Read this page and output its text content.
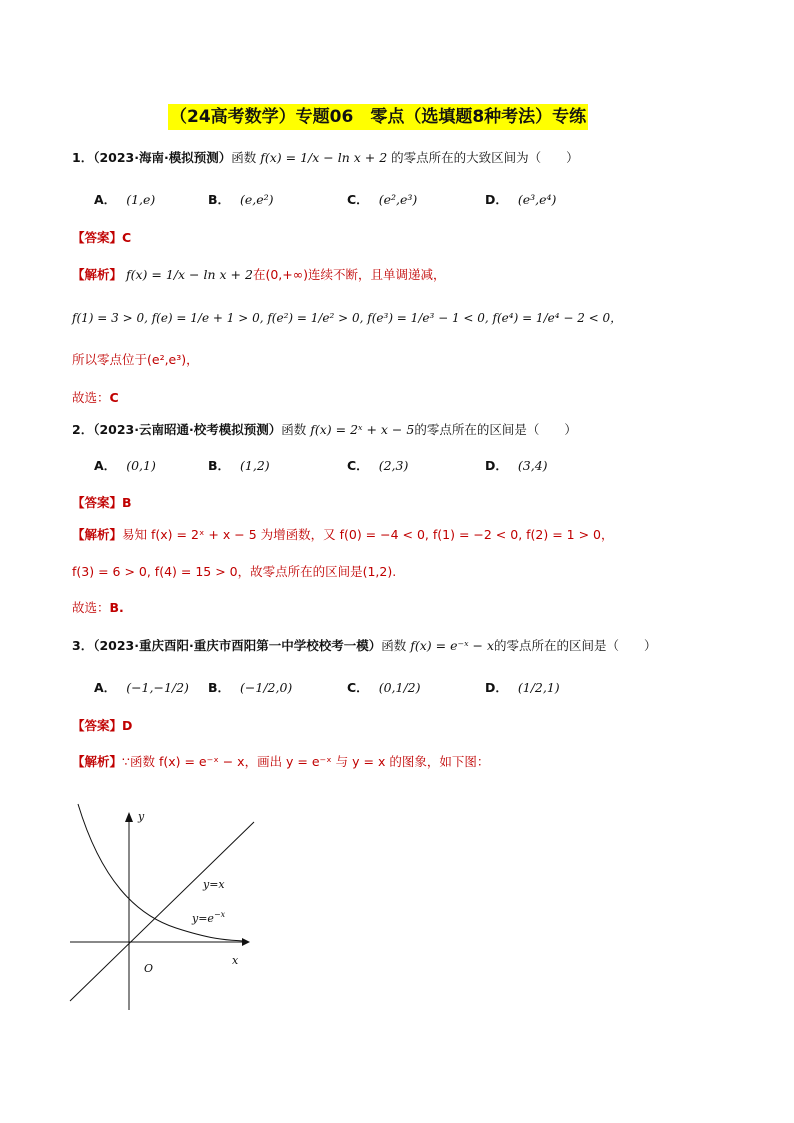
（24高考数学）专题06　零点（选填题8种考法）专练
1．（2023·海南·模拟预测）函数 f(x) = 1/x − ln x + 2 的零点所在的大致区间为（　　）
A． (1,e)	B． (e,e²)	C． (e²,e³)	D． (e³,e⁴)
【答案】C
【解析】 f(x) = 1/x − ln x + 2在(0,+∞)连续不断，且单调递减，
f(1) = 3 > 0, f(e) = 1/e + 1 > 0, f(e²) = 1/e² > 0, f(e³) = 1/e³ − 1 < 0, f(e⁴) = 1/e⁴ − 2 < 0，
所以零点位于(e²,e³)，
故选：C
2．（2023·云南昭通·校考模拟预测）函数 f(x) = 2ˣ + x − 5的零点所在的区间是（　　）
A． (0,1)	B． (1,2)	C． (2,3)	D． (3,4)
【答案】B
【解析】易知 f(x) = 2ˣ + x − 5 为增函数，又 f(0) = −4 < 0, f(1) = −2 < 0, f(2) = 1 > 0，
f(3) = 6 > 0, f(4) = 15 > 0，故零点所在的区间是(1,2).
故选：B.
3．（2023·重庆酉阳·重庆市酉阳第一中学校校考一模）函数 f(x) = e⁻ˣ − x的零点所在的区间是（　　）
A． (−1,−1/2) B． (−1/2,0)	C． (0,1/2)	D． (1/2,1)
【答案】D
【解析】∵函数 f(x) = e⁻ˣ − x，画出 y = e⁻ˣ 与 y = x 的图象，如下图：
y
x
O
y=x
$y=e^{-x}$
